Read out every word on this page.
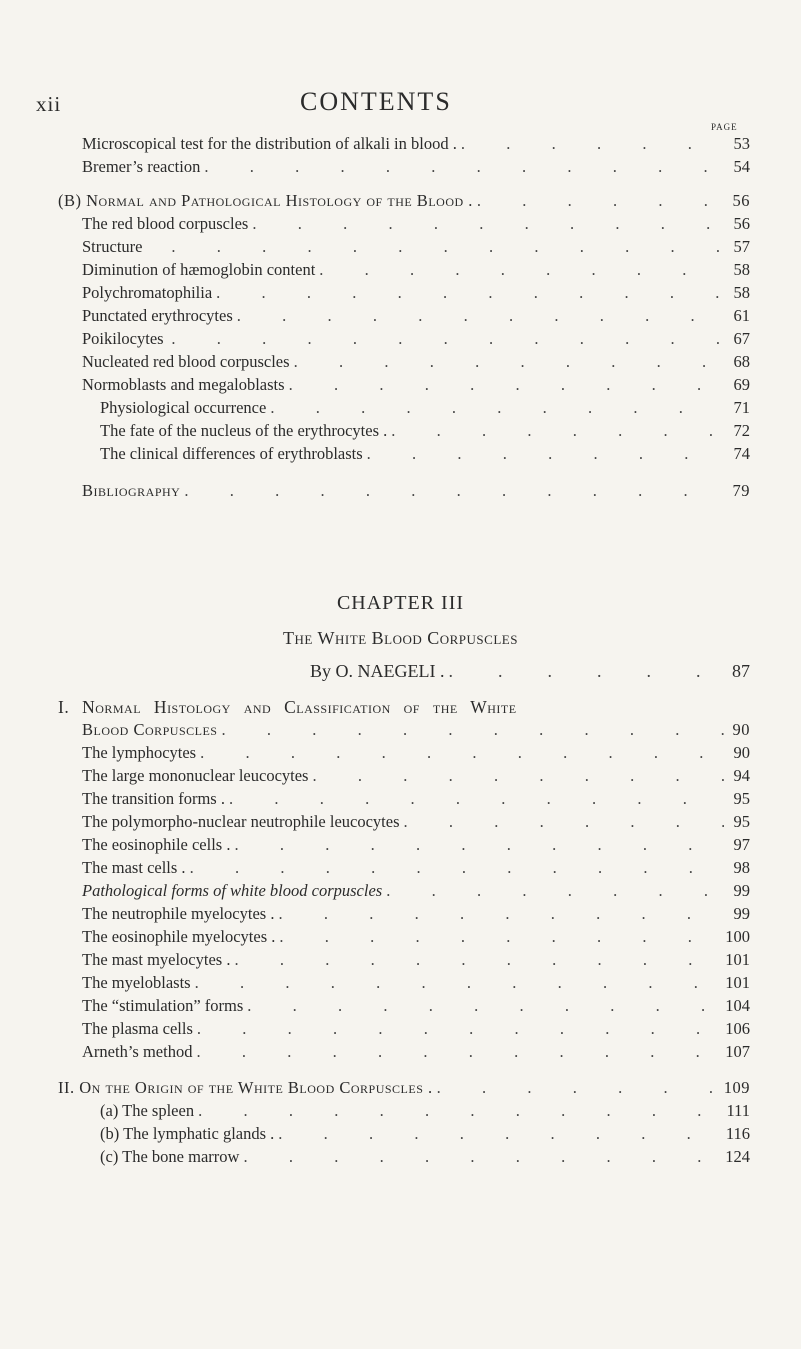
xii	CONTENTS
PAGE
Microscopical test for the distribution of alkali in blood . .	53
Bremer’s reaction .	54
(B) Normal and Pathological Histology of the Blood . .	56
The red blood corpuscles .	56
Structure .	57
Diminution of hæmoglobin content .	58
Polychromatophilia .	58
Punctated erythrocytes .	61
Poikilocytes .	67
Nucleated red blood corpuscles .	68
Normoblasts and megaloblasts .	69
Physiological occurrence .	71
The fate of the nucleus of the erythrocytes . .	72
The clinical differences of erythroblasts .	74
Bibliography .	79
CHAPTER III
The White Blood Corpuscles
By O. NAEGELI . .	87
I. Normal Histology and Classification of the White
Blood Corpuscles .	90
The lymphocytes .	90
The large mononuclear leucocytes .	94
The transition forms . .	95
The polymorpho-nuclear neutrophile leucocytes .	95
The eosinophile cells . .	97
The mast cells . .	98
Pathological forms of white blood corpuscles .	99
The neutrophile myelocytes . .	99
The eosinophile myelocytes . .	100
The mast myelocytes . .	101
The myeloblasts .	101
The “stimulation” forms .	104
The plasma cells .	106
Arneth’s method .	107
II. On the Origin of the White Blood Corpuscles . .	109
(a) The spleen .	111
(b) The lymphatic glands . .	116
(c) The bone marrow .	124
